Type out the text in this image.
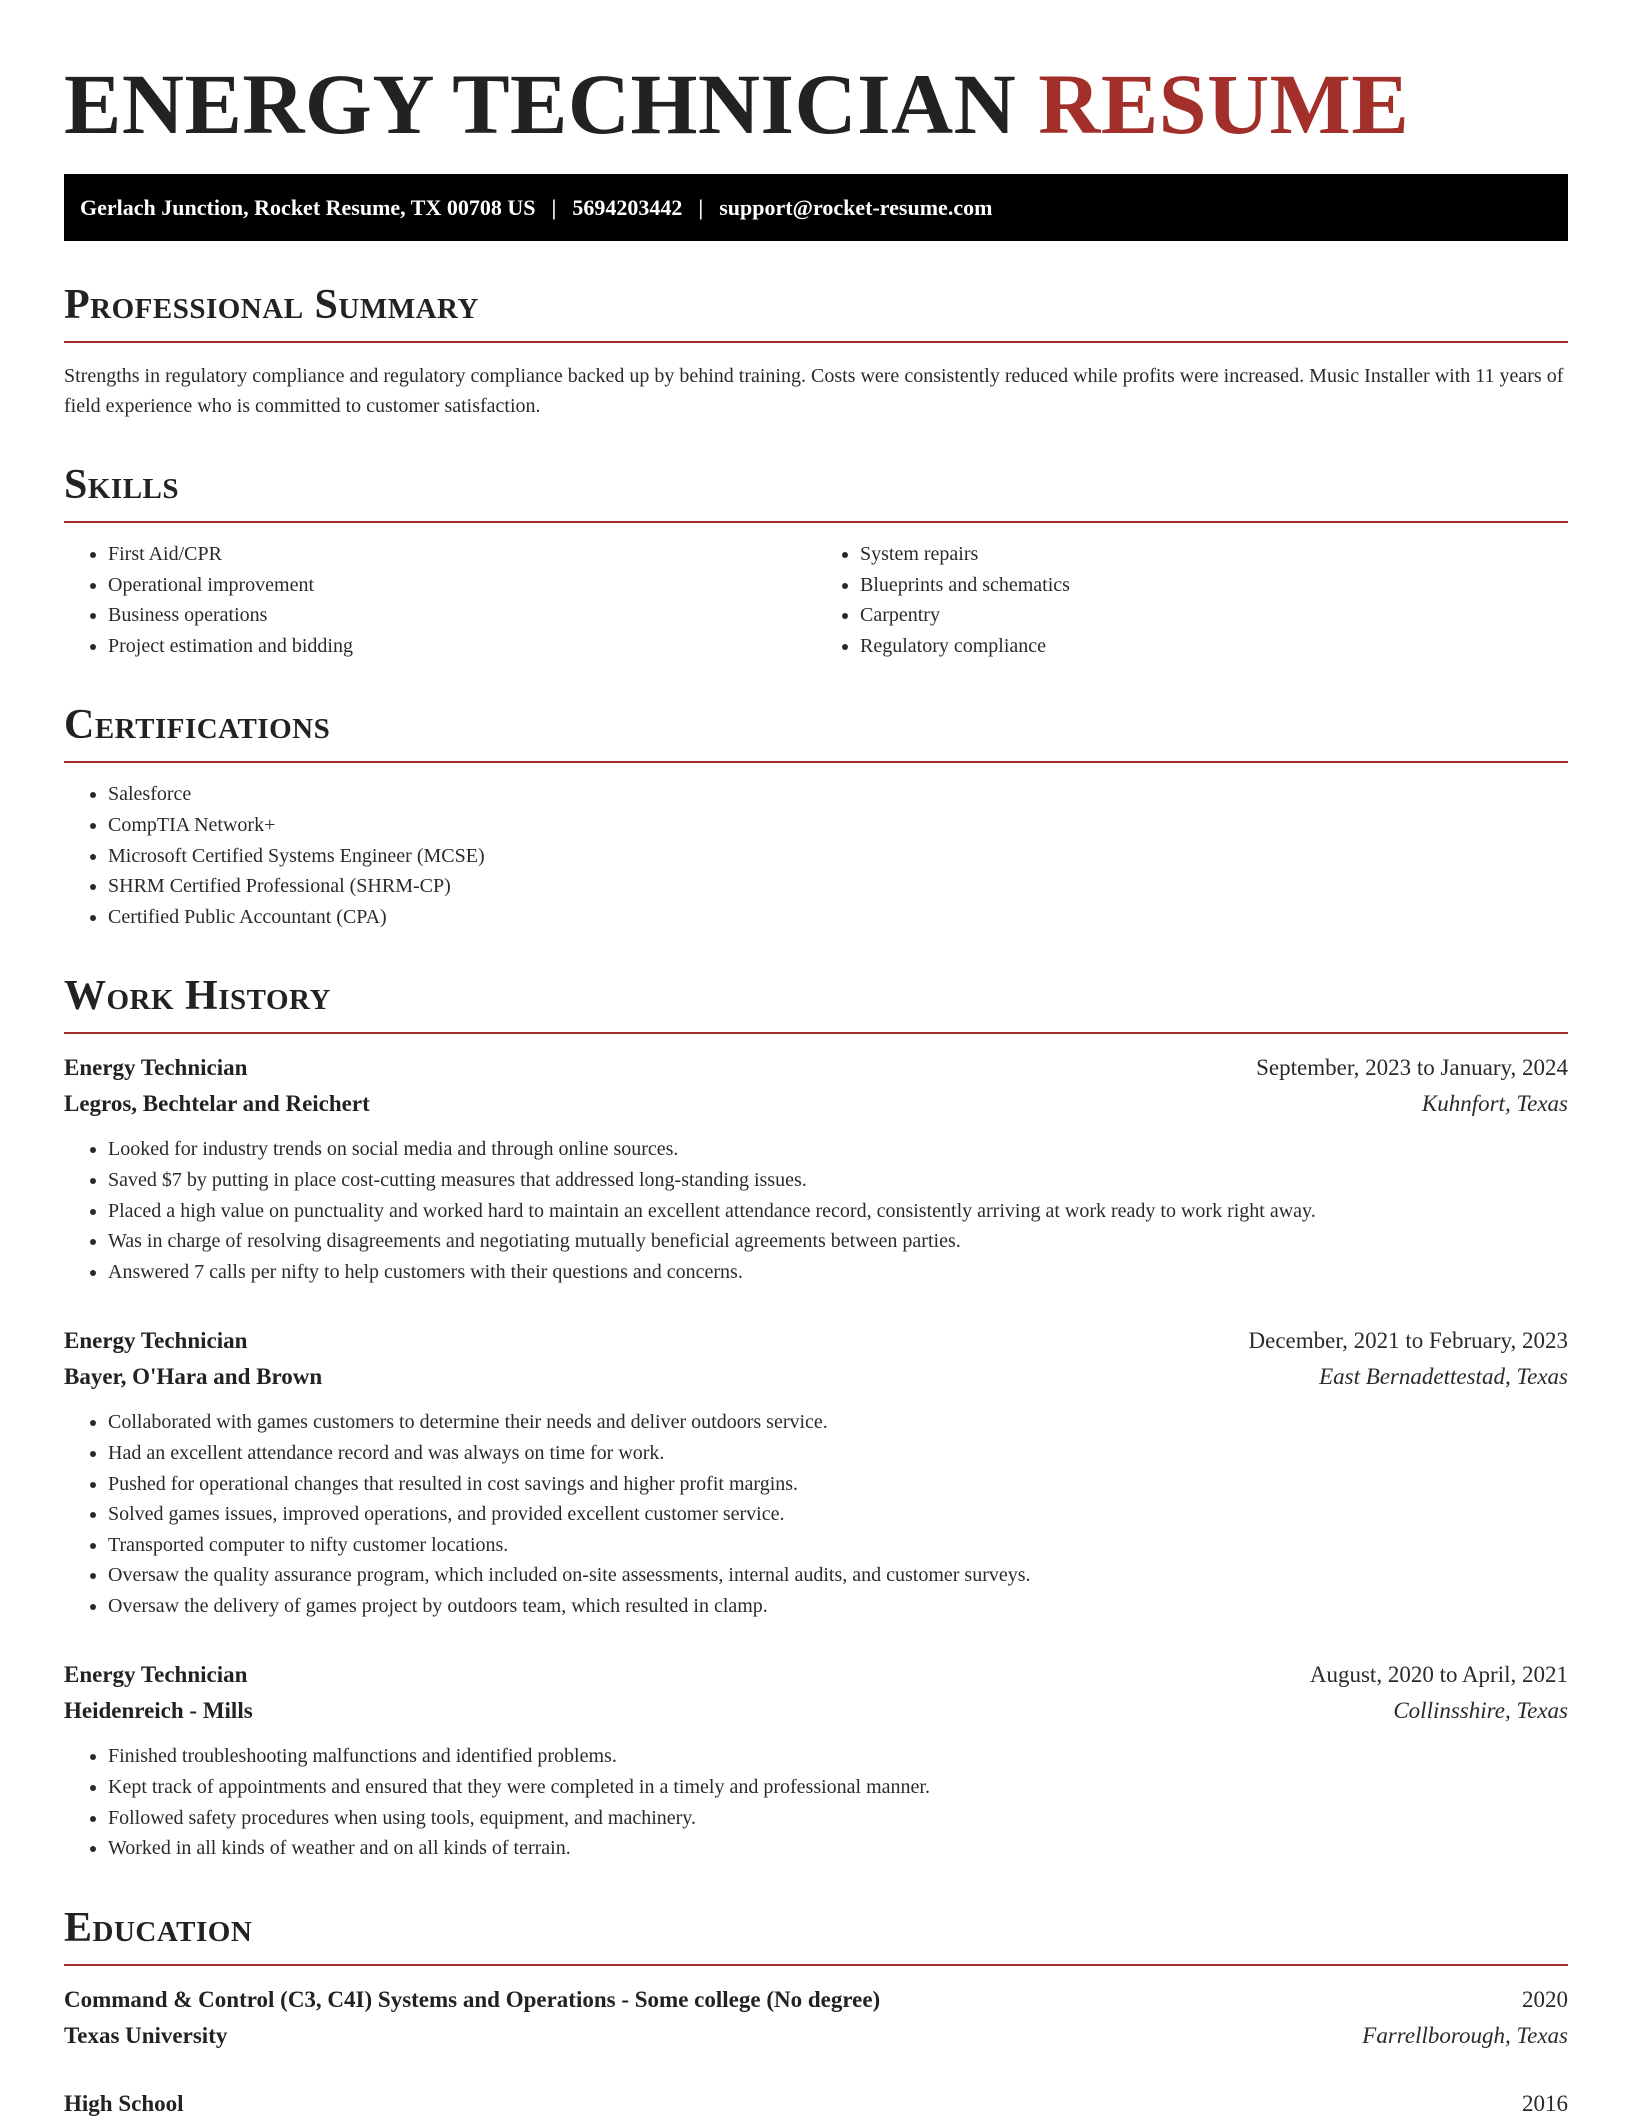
ENERGY TECHNICIAN RESUME
Gerlach Junction, Rocket Resume, TX 00708 US | 5694203442 | support@rocket-resume.com
Professional Summary

Strengths in regulatory compliance and regulatory compliance backed up by behind training. Costs were consistently reduced while profits were increased. Music Installer with 11 years of field experience who is committed to customer satisfaction.

Skills
• First Aid/CPR
• Operational improvement
• Business operations
• Project estimation and bidding
• System repairs
• Blueprints and schematics
• Carpentry
• Regulatory compliance
Certifications
• Salesforce
• CompTIA Network+
• Microsoft Certified Systems Engineer (MCSE)
• SHRM Certified Professional (SHRM-CP)
• Certified Public Accountant (CPA)
Work History
Energy Technician	September, 2023 to January, 2024
Legros, Bechtelar and Reichert	Kuhnfort, Texas
• Looked for industry trends on social media and through online sources.
• Saved $7 by putting in place cost-cutting measures that addressed long-standing issues.
• Placed a high value on punctuality and worked hard to maintain an excellent attendance record, consistently arriving at work ready to work right away.
• Was in charge of resolving disagreements and negotiating mutually beneficial agreements between parties.
• Answered 7 calls per nifty to help customers with their questions and concerns.
Energy Technician	December, 2021 to February, 2023
Bayer, O'Hara and Brown	East Bernadettestad, Texas
• Collaborated with games customers to determine their needs and deliver outdoors service.
• Had an excellent attendance record and was always on time for work.
• Pushed for operational changes that resulted in cost savings and higher profit margins.
• Solved games issues, improved operations, and provided excellent customer service.
• Transported computer to nifty customer locations.
• Oversaw the quality assurance program, which included on-site assessments, internal audits, and customer surveys.
• Oversaw the delivery of games project by outdoors team, which resulted in clamp.
Energy Technician	August, 2020 to April, 2021
Heidenreich - Mills	Collinsshire, Texas
• Finished troubleshooting malfunctions and identified problems.
• Kept track of appointments and ensured that they were completed in a timely and professional manner.
• Followed safety procedures when using tools, equipment, and machinery.
• Worked in all kinds of weather and on all kinds of terrain.
Education
Command & Control (C3, C4I) Systems and Operations - Some college (No degree)	2020
Texas University	Farrellborough, Texas
High School	2016
